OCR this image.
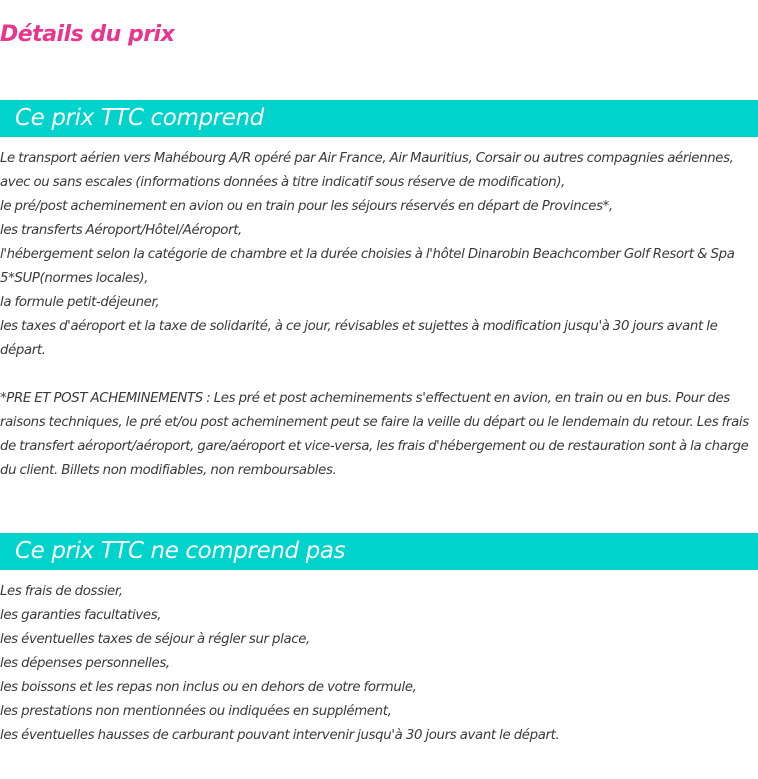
Détails du prix
Ce prix TTC comprend
Le transport aérien vers Mahébourg A/R opéré par Air France, Air Mauritius, Corsair ou autres compagnies aériennes,
avec ou sans escales (informations données à titre indicatif sous réserve de modification),
le pré/post acheminement en avion ou en train pour les séjours réservés en départ de Provinces*,
les transferts Aéroport/Hôtel/Aéroport,
l'hébergement selon la catégorie de chambre et la durée choisies à l'hôtel Dinarobin Beachcomber Golf Resort & Spa
5*SUP(normes locales),
la formule petit-déjeuner,
les taxes d'aéroport et la taxe de solidarité, à ce jour, révisables et sujettes à modification jusqu'à 30 jours avant le
départ.
*PRE ET POST ACHEMINEMENTS : Les pré et post acheminements s'effectuent en avion, en train ou en bus. Pour des
raisons techniques, le pré et/ou post acheminement peut se faire la veille du départ ou le lendemain du retour. Les frais
de transfert aéroport/aéroport, gare/aéroport et vice-versa, les frais d'hébergement ou de restauration sont à la charge
du client. Billets non modifiables, non remboursables.
Ce prix TTC ne comprend pas
Les frais de dossier,
les garanties facultatives,
les éventuelles taxes de séjour à régler sur place,
les dépenses personnelles,
les boissons et les repas non inclus ou en dehors de votre formule,
les prestations non mentionnées ou indiquées en supplément,
les éventuelles hausses de carburant pouvant intervenir jusqu'à 30 jours avant le départ.
